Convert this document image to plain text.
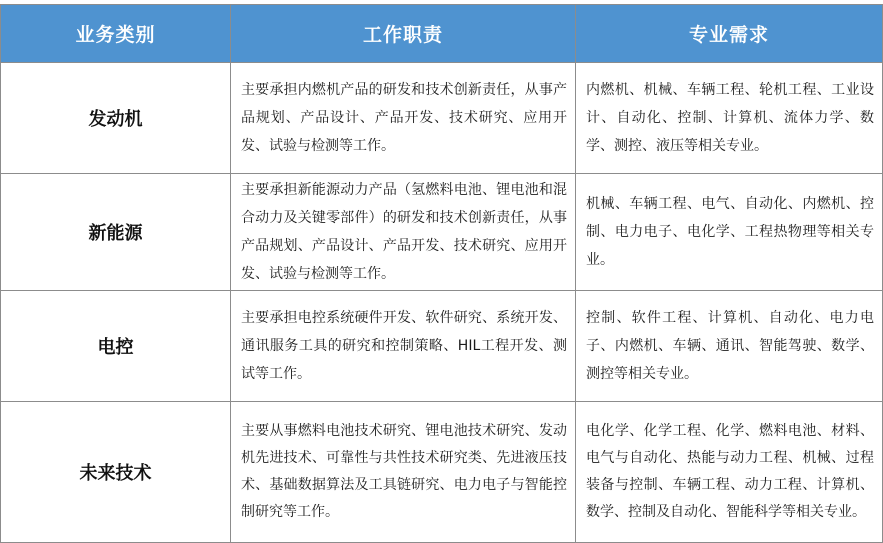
业务类别	工作职责	专业需求
发动机	主要承担内燃机产品的研发和技术创新责任，从事产品规划、产品设计、产品开发、技术研究、应用开发、试验与检测等工作。	内燃机、机械、车辆工程、轮机工程、工业设计、自动化、控制、计算机、流体力学、数学、测控、液压等相关专业。
新能源	主要承担新能源动力产品（氢燃料电池、锂电池和混合动力及关键零部件）的研发和技术创新责任，从事产品规划、产品设计、产品开发、技术研究、应用开发、试验与检测等工作。	机械、车辆工程、电气、自动化、内燃机、控制、电力电子、电化学、工程热物理等相关专业。
电控	主要承担电控系统硬件开发、软件研究、系统开发、通讯服务工具的研究和控制策略、HIL工程开发、测试等工作。	控制、软件工程、计算机、自动化、电力电子、内燃机、车辆、通讯、智能驾驶、数学、测控等相关专业。
未来技术	主要从事燃料电池技术研究、锂电池技术研究、发动机先进技术、可靠性与共性技术研究类、先进液压技术、基础数据算法及工具链研究、电力电子与智能控制研究等工作。	电化学、化学工程、化学、燃料电池、材料、电气与自动化、热能与动力工程、机械、过程装备与控制、车辆工程、动力工程、计算机、数学、控制及自动化、智能科学等相关专业。
